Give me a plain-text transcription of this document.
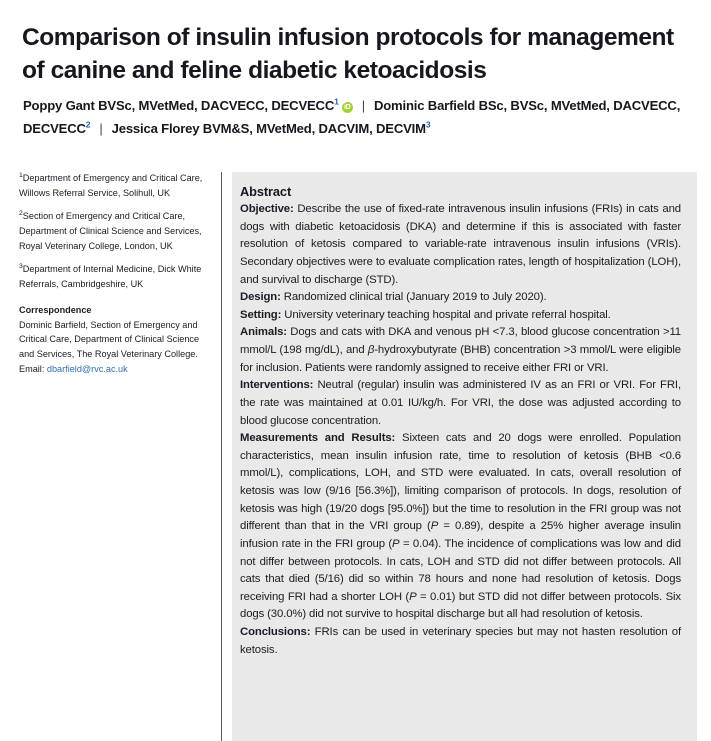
Comparison of insulin infusion protocols for management of canine and feline diabetic ketoacidosis
Poppy Gant BVSc, MVetMed, DACVECC, DECVECC$^1$iD | Dominic Barfield BSc, BVSc, MVetMed, DACVECC, DECVECC$^2$ | Jessica Florey BVM&S, MVetMed, DACVIM, DECVIM$^3$
$^1$Department of Emergency and Critical Care, Willows Referral Service, Solihull, UK
$^2$Section of Emergency and Critical Care, Department of Clinical Science and Services, Royal Veterinary College, London, UK
$^3$Department of Internal Medicine, Dick White Referrals, Cambridgeshire, UK
Correspondence
Dominic Barfield, Section of Emergency and Critical Care, Department of Clinical Science and Services, The Royal Veterinary College.
Email: dbarfield@rvc.ac.uk
Abstract

Objective: Describe the use of fixed-rate intravenous insulin infusions (FRIs) in cats and dogs with diabetic ketoacidosis (DKA) and determine if this is associated with faster resolution of ketosis compared to variable-rate intravenous insulin infusions (VRIs). Secondary objectives were to evaluate complication rates, length of hospitalization (LOH), and survival to discharge (STD).

Design: Randomized clinical trial (January 2019 to July 2020).

Setting: University veterinary teaching hospital and private referral hospital.

Animals: Dogs and cats with DKA and venous pH <7.3, blood glucose concentration >11 mmol/L (198 mg/dL), and β-hydroxybutyrate (BHB) concentration >3 mmol/L were eligible for inclusion. Patients were randomly assigned to receive either FRI or VRI.

Interventions: Neutral (regular) insulin was administered IV as an FRI or VRI. For FRI, the rate was maintained at 0.01 IU/kg/h. For VRI, the dose was adjusted according to blood glucose concentration.

Measurements and Results: Sixteen cats and 20 dogs were enrolled. Population characteristics, mean insulin infusion rate, time to resolution of ketosis (BHB <0.6 mmol/L), complications, LOH, and STD were evaluated. In cats, overall resolution of ketosis was low (9/16 [56.3%]), limiting comparison of protocols. In dogs, resolution of ketosis was high (19/20 dogs [95.0%]) but the time to resolution in the FRI group was not different than that in the VRI group (P = 0.89), despite a 25% higher average insulin infusion rate in the FRI group (P = 0.04). The incidence of complications was low and did not differ between protocols. In cats, LOH and STD did not differ between protocols. All cats that died (5/16) did so within 78 hours and none had resolution of ketosis. Dogs receiving FRI had a shorter LOH (P = 0.01) but STD did not differ between protocols. Six dogs (30.0%) did not survive to hospital discharge but all had resolution of ketosis.

Conclusions: FRIs can be used in veterinary species but may not hasten resolution of ketosis.
